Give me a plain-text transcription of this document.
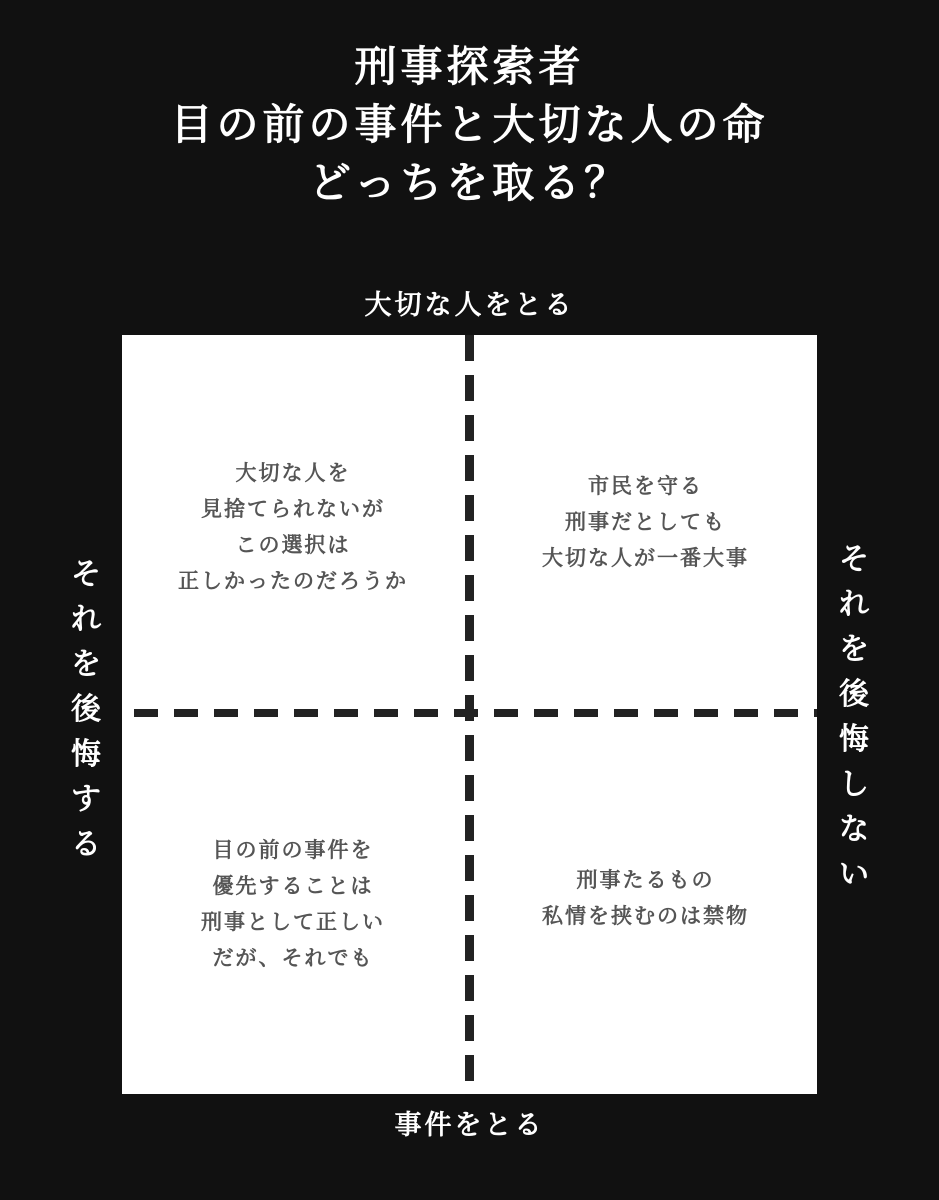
刑事探索者
目の前の事件と大切な人の命
どっちを取る？
大切な人をとる
そ
れ
を
後
悔
す
る
そ
れ
を
後
悔
し
な
い
大切な人を
見捨てられないが
この選択は
正しかったのだろうか
市民を守る
刑事だとしても
大切な人が一番大事
目の前の事件を
優先することは
刑事として正しい
だが、それでも
刑事たるもの
私情を挟むのは禁物
事件をとる
